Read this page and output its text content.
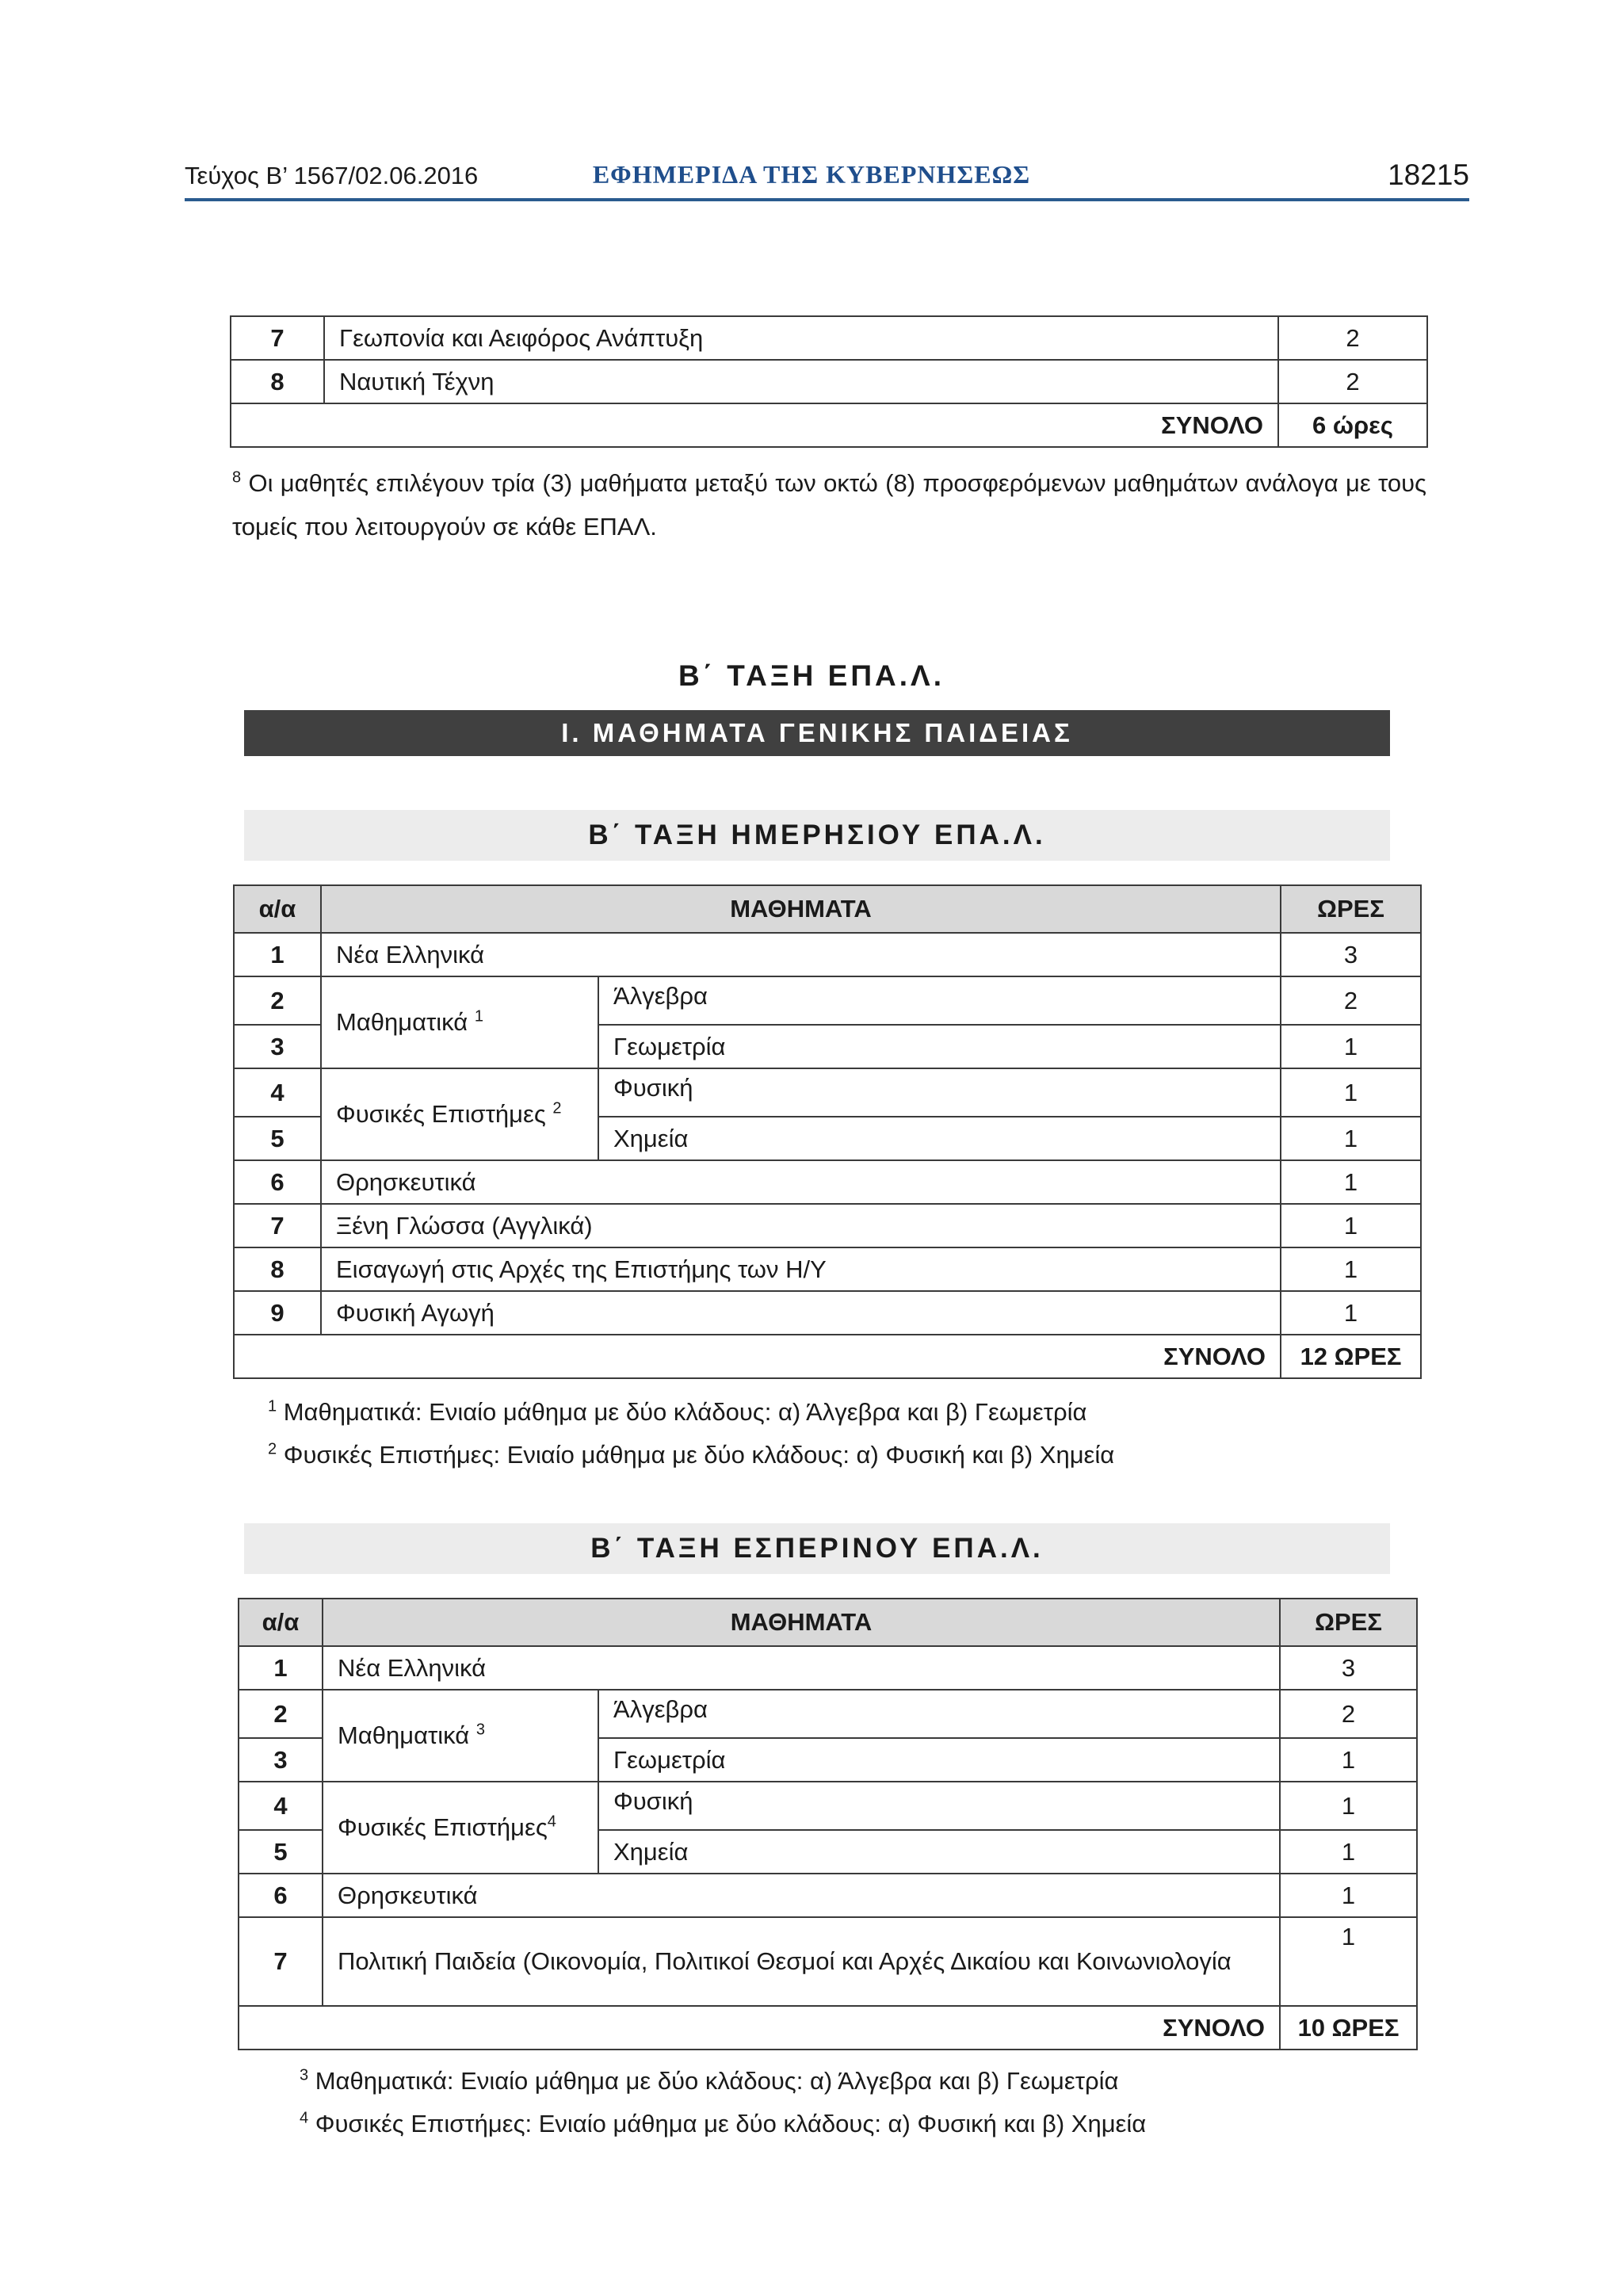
Τεύχος Β’ 1567/02.06.2016	ΕΦΗΜΕΡΙΔΑ ΤΗΣ ΚΥΒΕΡΝΗΣΕΩΣ	18215
7	Γεωπονία και Αειφόρος Ανάπτυξη	2
8	Ναυτική Τέχνη	2
ΣΥΝΟΛΟ		6 ώρες
$^8$ Οι μαθητές επιλέγουν τρία (3) μαθήματα μεταξύ των οκτώ (8) προσφερόμενων μαθημάτων ανάλογα με τους τομείς που λειτουργούν σε κάθε ΕΠΑΛ.
Β΄ ΤΑΞΗ ΕΠΑ.Λ.
Ι. ΜΑΘΗΜΑΤΑ ΓΕΝΙΚΗΣ ΠΑΙΔΕΙΑΣ
Β΄ ΤΑΞΗ ΗΜΕΡΗΣΙΟΥ ΕΠΑ.Λ.
α/α	ΜΑΘΗΜΑΤΑ		ΩΡΕΣ
1	Νέα Ελληνικά		3
2	Μαθηματικά $^1$	Άλγεβρα	2
3		Γεωμετρία	1
4	Φυσικές Επιστήμες $^2$	Φυσική	1
5		Χημεία	1
6	Θρησκευτικά		1
7	Ξένη Γλώσσα (Αγγλικά)		1
8	Εισαγωγή στις Αρχές της Επιστήμης των Η/Υ		1
9	Φυσική Αγωγή		1
ΣΥΝΟΛΟ			12 ΩΡΕΣ
$^1$ Μαθηματικά: Ενιαίο μάθημα με δύο κλάδους: α) Άλγεβρα και β) Γεωμετρία
$^2$ Φυσικές Επιστήμες: Ενιαίο μάθημα με δύο κλάδους: α) Φυσική και β) Χημεία
Β΄ ΤΑΞΗ ΕΣΠΕΡΙΝΟΥ ΕΠΑ.Λ.
α/α	ΜΑΘΗΜΑΤΑ		ΩΡΕΣ
1	Νέα Ελληνικά		3
2	Μαθηματικά $^3$	Άλγεβρα	2
3		Γεωμετρία	1
4	Φυσικές Επιστήμες$^4$	Φυσική	1
5		Χημεία	1
6	Θρησκευτικά		1
7	Πολιτική Παιδεία (Οικονομία, Πολιτικοί Θεσμοί και Αρχές Δικαίου και Κοινωνιολογία		1
ΣΥΝΟΛΟ			10 ΩΡΕΣ
$^3$ Μαθηματικά: Ενιαίο μάθημα με δύο κλάδους: α) Άλγεβρα και β) Γεωμετρία
$^4$ Φυσικές Επιστήμες: Ενιαίο μάθημα με δύο κλάδους: α) Φυσική και β) Χημεία
